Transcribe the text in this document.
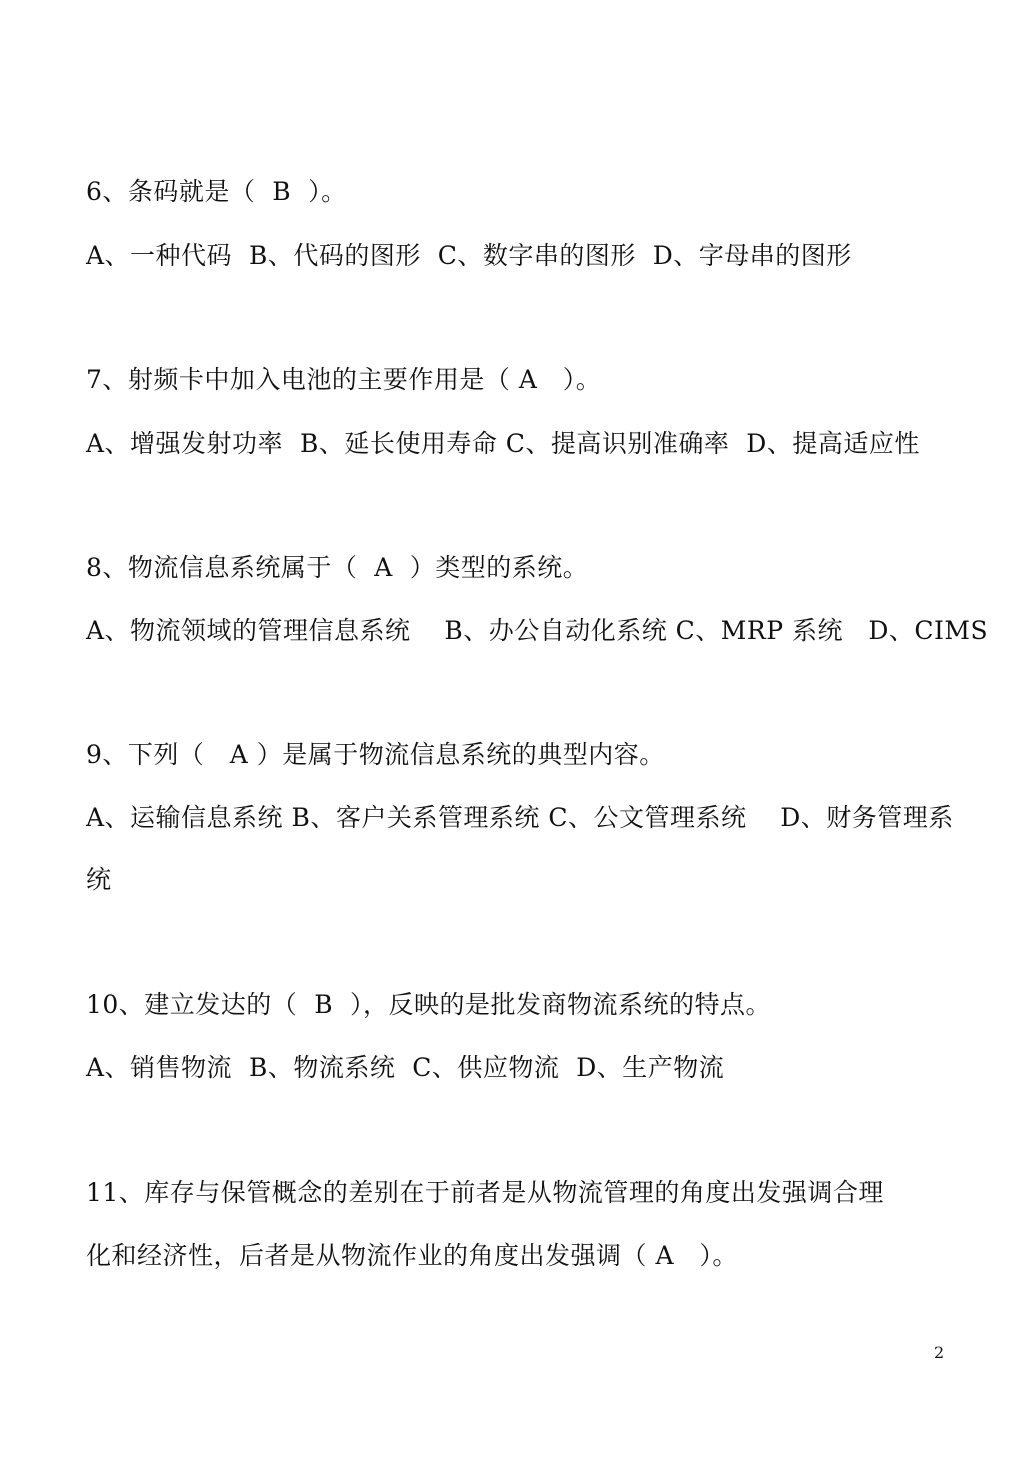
6、条码就是（  B  ）。
A、一种代码  B、代码的图形  C、数字串的图形  D、字母串的图形
7、射频卡中加入电池的主要作用是（ A   ）。
A、增强发射功率  B、延长使用寿命 C、提高识别准确率  D、提高适应性
8、物流信息系统属于（  A  ）类型的系统。
A、物流领域的管理信息系统    B、办公自动化系统 C、MRP 系统   D、CIMS
9、下列（   A ）是属于物流信息系统的典型内容。
A、运输信息系统 B、客户关系管理系统 C、公文管理系统    D、财务管理系
统
10、建立发达的（  B  ），反映的是批发商物流系统的特点。
A、销售物流  B、物流系统  C、供应物流  D、生产物流
11、库存与保管概念的差别在于前者是从物流管理的角度出发强调合理
化和经济性，后者是从物流作业的角度出发强调（ A   ）。
2
